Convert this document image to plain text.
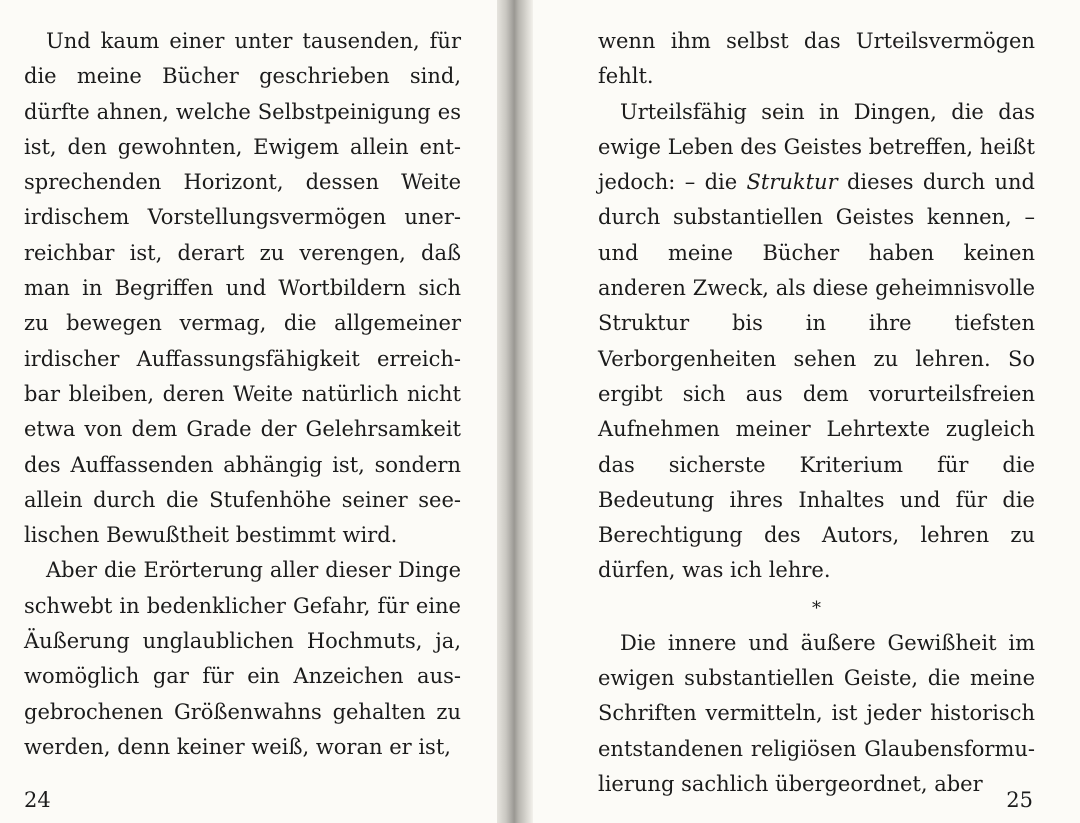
Und kaum einer unter tausenden, für die meine Bücher geschrieben sind, dürfte ahnen, welche Selbstpeinigung es ist, den gewohnten, Ewigem allein entsprechenden Horizont, dessen Weite irdischem Vorstellungsvermögen unerreichbar ist, derart zu verengen, daß man in Begriffen und Wortbildern sich zu bewegen vermag, die allgemeiner irdischer Auffassungsfähigkeit erreichbar bleiben, deren Weite natürlich nicht etwa von dem Grade der Gelehrsamkeit des Auffassenden abhängig ist, sondern allein durch die Stufenhöhe seiner seelischen Bewußtheit bestimmt wird.

Aber die Erörterung aller dieser Dinge schwebt in bedenklicher Gefahr, für eine Äußerung unglaublichen Hochmuts, ja, womöglich gar für ein Anzeichen ausgebrochenen Größenwahns gehalten zu werden, denn keiner weiß, woran er ist,

24

wenn ihm selbst das Urteilsvermögen fehlt.

Urteilsfähig sein in Dingen, die das ewige Leben des Geistes betreffen, heißt jedoch: – die Struktur dieses durch und durch substantiellen Geistes kennen, – und meine Bücher haben keinen anderen Zweck, als diese geheimnisvolle Struktur bis in ihre tiefsten Verborgenheiten sehen zu lehren. So ergibt sich aus dem vorurteilsfreien Aufnehmen meiner Lehrtexte zugleich das sicherste Kriterium für die Bedeutung ihres Inhaltes und für die Berechtigung des Autors, lehren zu dürfen, was ich lehre.

*

Die innere und äußere Gewißheit im ewigen substantiellen Geiste, die meine Schriften vermitteln, ist jeder historisch entstandenen religiösen Glaubensformulierung sachlich übergeordnet, aber

25
